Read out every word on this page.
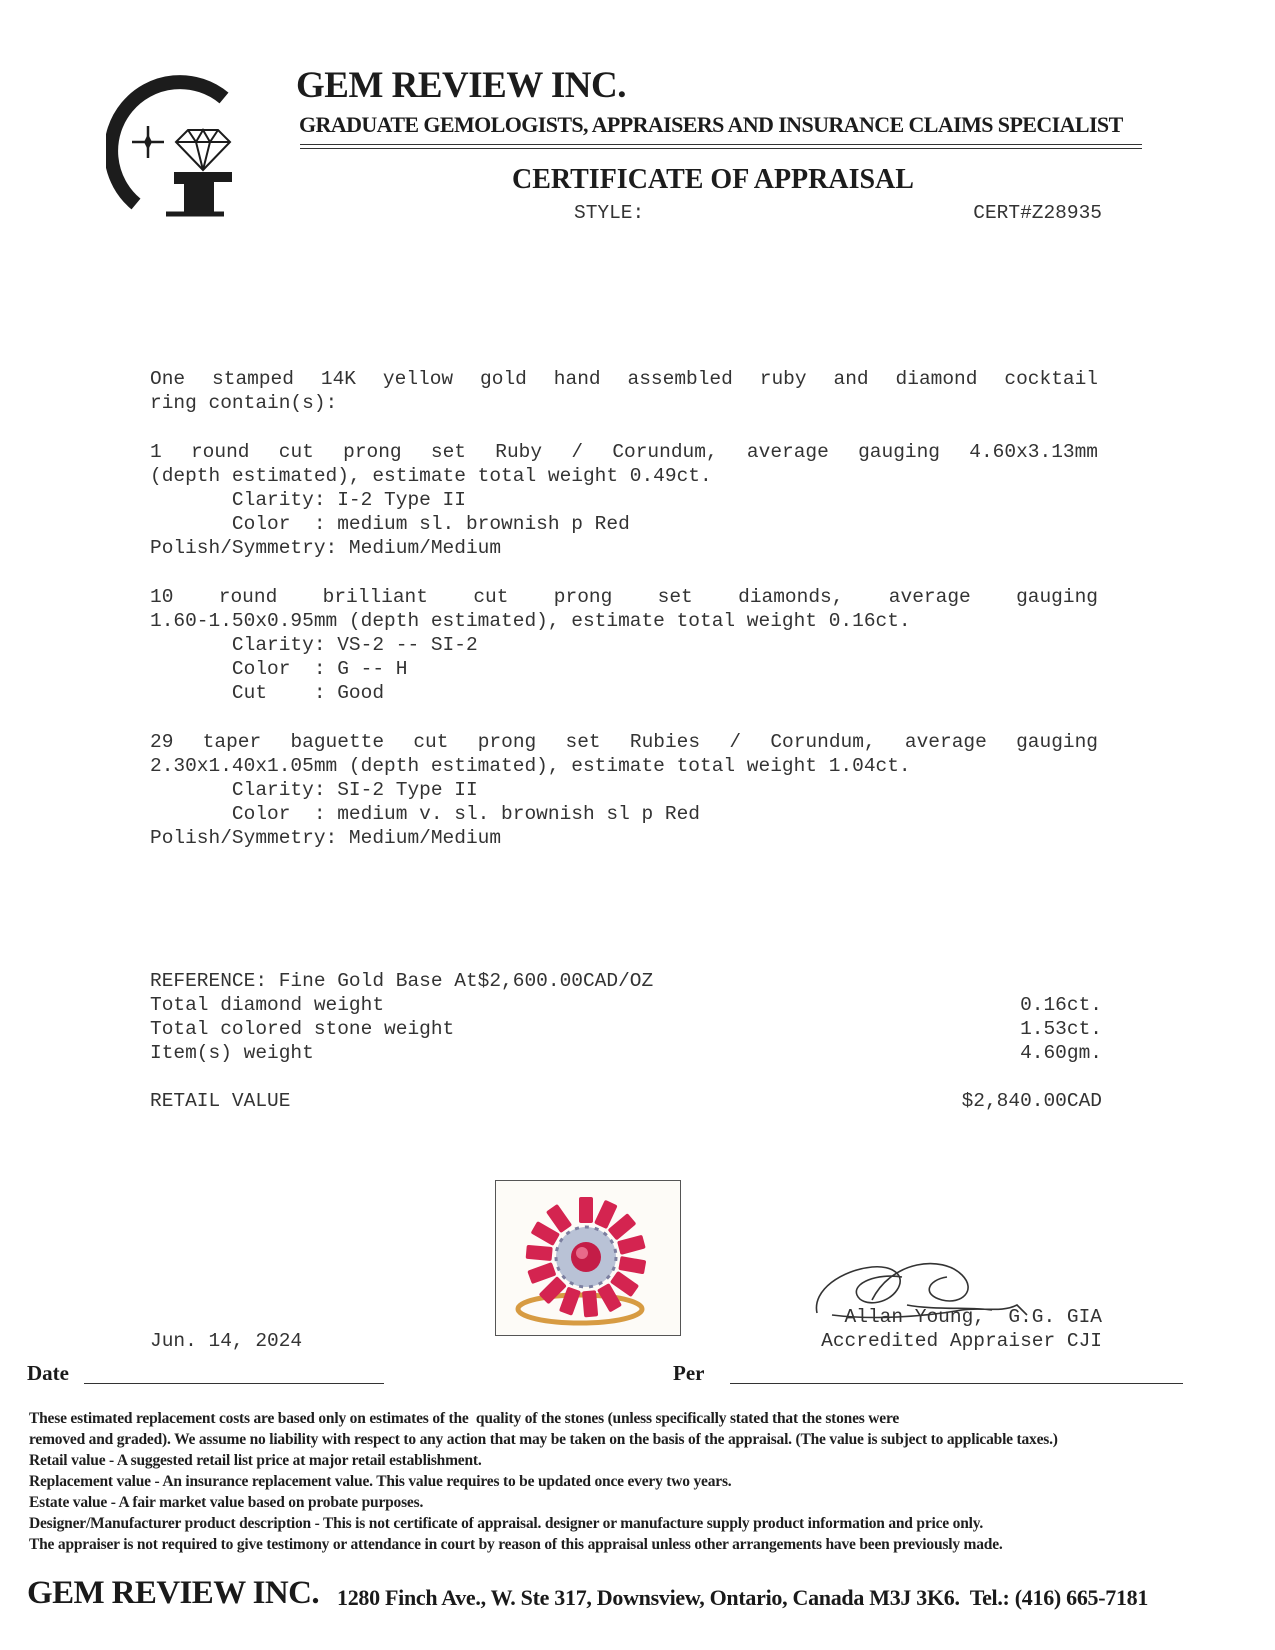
GEM REVIEW INC.
GRADUATE GEMOLOGISTS, APPRAISERS AND INSURANCE CLAIMS SPECIALIST
CERTIFICATE OF APPRAISAL
STYLE:	CERT#Z28935
One stamped 14K yellow gold hand assembled ruby and diamond cocktail
ring contain(s):
1 round cut prong set Ruby / Corundum, average gauging 4.60x3.13mm
(depth estimated), estimate total weight 0.49ct.
Clarity: I-2 Type II
Color  : medium sl. brownish p Red
Polish/Symmetry: Medium/Medium
10 round brilliant cut prong set diamonds, average gauging
1.60-1.50x0.95mm (depth estimated), estimate total weight 0.16ct.
Clarity: VS-2 -- SI-2
Color  : G -- H
Cut    : Good
29 taper baguette cut prong set Rubies / Corundum, average gauging
2.30x1.40x1.05mm (depth estimated), estimate total weight 1.04ct.
Clarity: SI-2 Type II
Color  : medium v. sl. brownish sl p Red
Polish/Symmetry: Medium/Medium
REFERENCE: Fine Gold Base At$2,600.00CAD/OZ
Total diamond weight	0.16ct.
Total colored stone weight	1.53ct.
Item(s) weight	4.60gm.
RETAIL VALUE	$2,840.00CAD
Allan Young,  G.G. GIA
Accredited Appraiser CJI
Jun. 14, 2024
Date	Per
These estimated replacement costs are based only on estimates of the  quality of the stones (unless specifically stated that the stones were
removed and graded). We assume no liability with respect to any action that may be taken on the basis of the appraisal. (The value is subject to applicable taxes.)
Retail value - A suggested retail list price at major retail establishment.
Replacement value - An insurance replacement value. This value requires to be updated once every two years.
Estate value - A fair market value based on probate purposes.
Designer/Manufacturer product description - This is not certificate of appraisal. designer or manufacture supply product information and price only.
The appraiser is not required to give testimony or attendance in court by reason of this appraisal unless other arrangements have been previously made.
GEM REVIEW INC. 1280 Finch Ave., W. Ste 317, Downsview, Ontario, Canada M3J 3K6.  Tel.: (416) 665-7181
